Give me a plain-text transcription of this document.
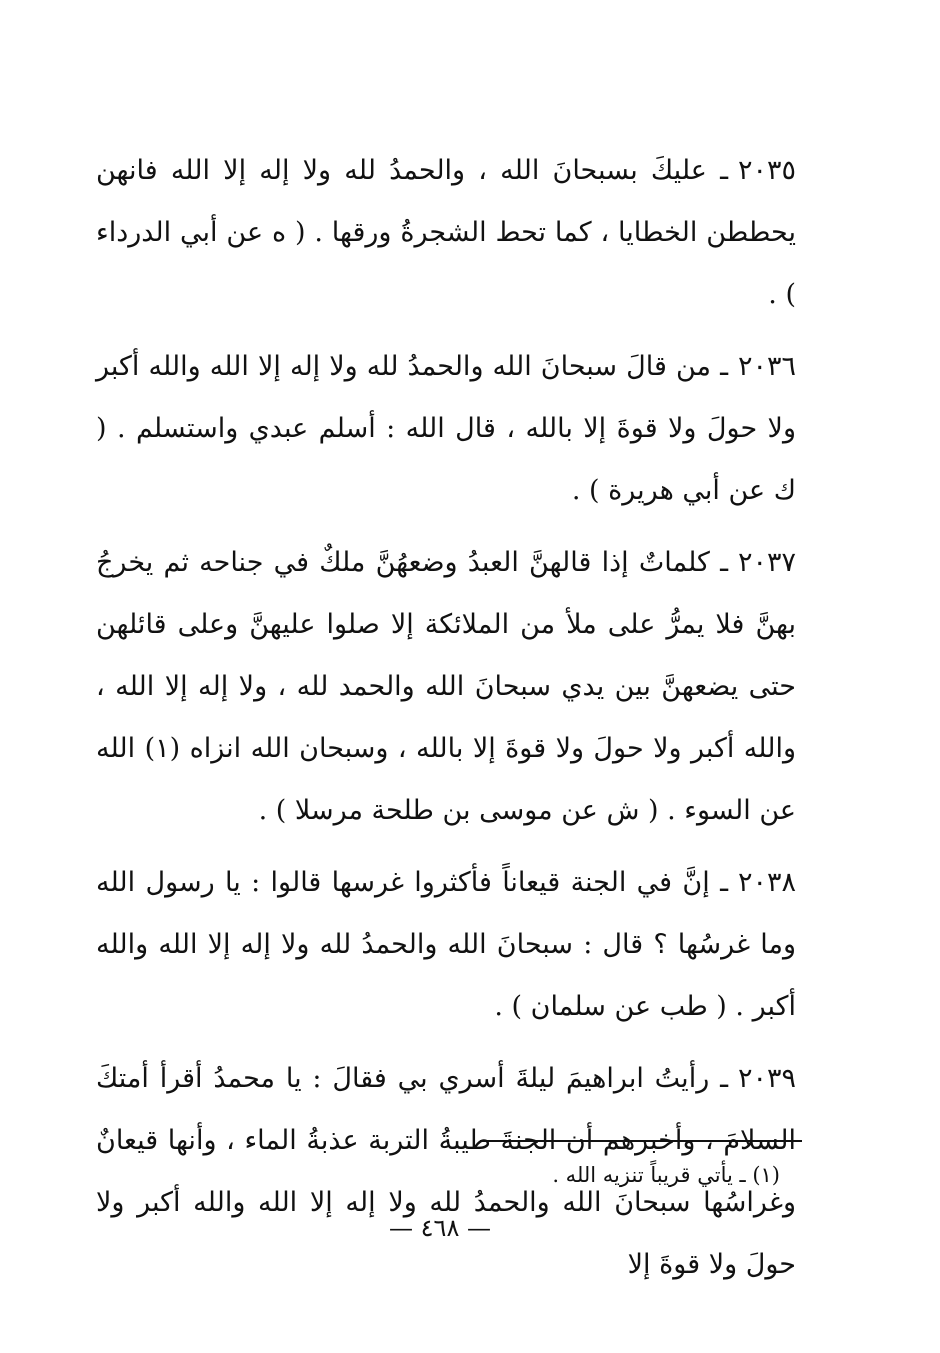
٢٠٣٥ـ عليكَ بسبحانَ الله ، والحمدُ لله ولا إله إلا الله فانهن يحططن الخطايا ، كما تحط الشجرةُ ورقها . ( ه عن أبي الدرداء ) .

٢٠٣٦ـ من قالَ سبحانَ الله والحمدُ لله ولا إله إلا الله والله أكبر ولا حولَ ولا قوةَ إلا بالله ، قال الله : أسلم عبدي واستسلم . ( ك عن أبي هريرة ) .

٢٠٣٧ـ كلماتٌ إذا قالهنَّ العبدُ وضعهُنَّ ملكٌ في جناحه ثم يخرجُ بهنَّ فلا يمرُّ على ملأ من الملائكة إلا صلوا عليهنَّ وعلى قائلهن حتى يضعهنَّ بين يدي سبحانَ الله والحمد لله ، ولا إله إلا الله ، والله أكبر ولا حولَ ولا قوةَ إلا بالله ، وسبحان الله انزاه (١) الله عن السوء . ( ش عن موسى بن طلحة مرسلا ) .

٢٠٣٨ـ إنَّ في الجنة قيعاناً فأكثروا غرسها قالوا : يا رسول الله وما غرسُها ؟ قال : سبحانَ الله والحمدُ لله ولا إله إلا الله والله أكبر . ( طب عن سلمان ) .

٢٠٣٩ـ رأيتُ ابراهيمَ ليلةَ أسري بي فقالَ : يا محمدُ أقرأ أمتكَ السلامَ ، وأخبرهم أن الجنةَ طيبةُ التربة عذبةُ الماء ، وأنها قيعانٌ وغراسُها سبحانَ الله والحمدُ لله ولا إله إلا الله والله أكبر ولا حولَ ولا قوةَ إلا

(١) ـ يأتي قريباً تنزيه الله .
— ٤٦٨ —
